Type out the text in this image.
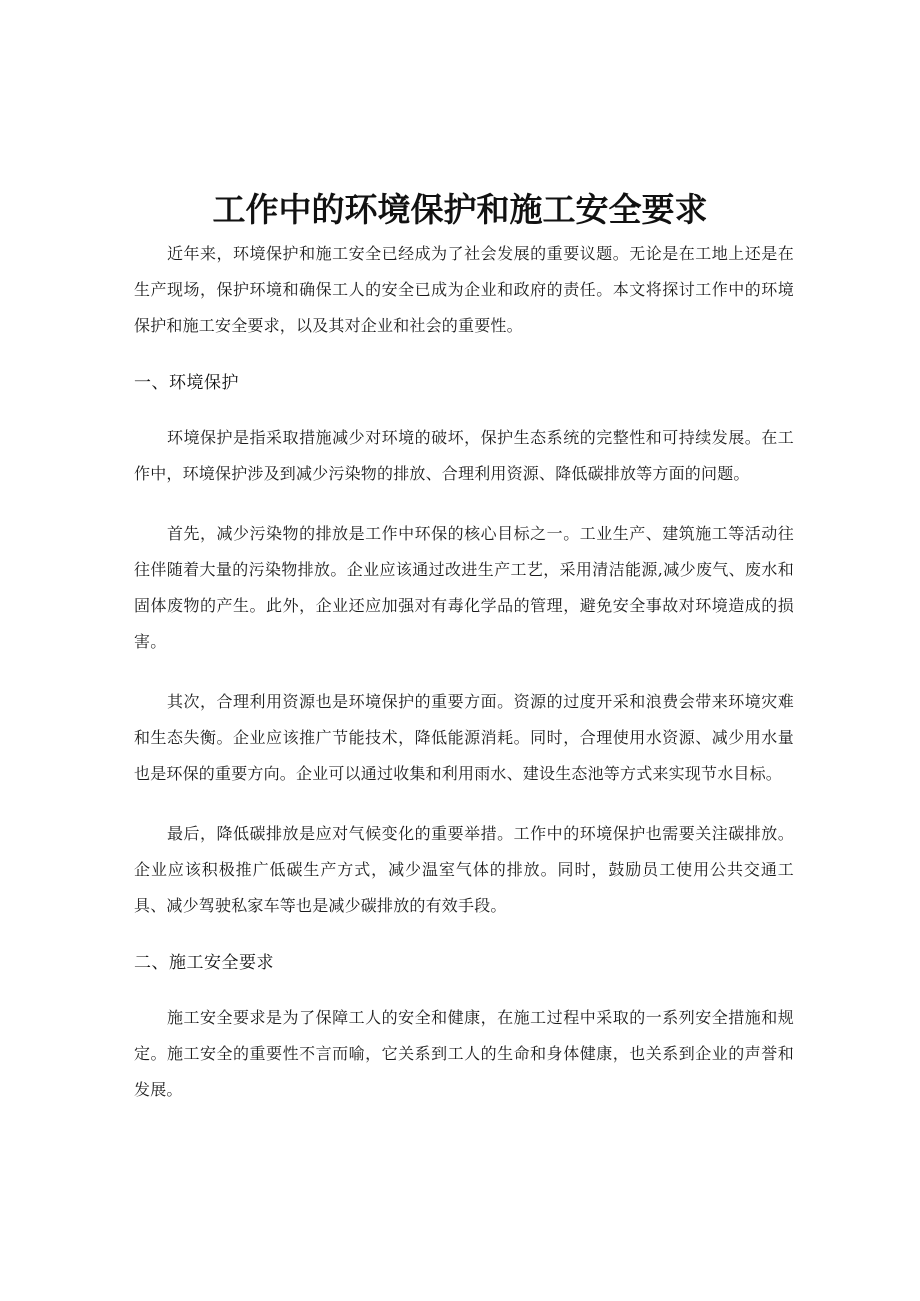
工作中的环境保护和施工安全要求

近年来，环境保护和施工安全已经成为了社会发展的重要议题。无论是在工地上还是在生产现场，保护环境和确保工人的安全已成为企业和政府的责任。本文将探讨工作中的环境保护和施工安全要求，以及其对企业和社会的重要性。

一、环境保护

环境保护是指采取措施减少对环境的破坏，保护生态系统的完整性和可持续发展。在工作中，环境保护涉及到减少污染物的排放、合理利用资源、降低碳排放等方面的问题。

首先，减少污染物的排放是工作中环保的核心目标之一。工业生产、建筑施工等活动往往伴随着大量的污染物排放。企业应该通过改进生产工艺，采用清洁能源,减少废气、废水和固体废物的产生。此外，企业还应加强对有毒化学品的管理，避免安全事故对环境造成的损害。

其次，合理利用资源也是环境保护的重要方面。资源的过度开采和浪费会带来环境灾难和生态失衡。企业应该推广节能技术，降低能源消耗。同时，合理使用水资源、减少用水量也是环保的重要方向。企业可以通过收集和利用雨水、建设生态池等方式来实现节水目标。

最后，降低碳排放是应对气候变化的重要举措。工作中的环境保护也需要关注碳排放。企业应该积极推广低碳生产方式，减少温室气体的排放。同时，鼓励员工使用公共交通工具、减少驾驶私家车等也是减少碳排放的有效手段。

二、施工安全要求

施工安全要求是为了保障工人的安全和健康，在施工过程中采取的一系列安全措施和规定。施工安全的重要性不言而喻，它关系到工人的生命和身体健康，也关系到企业的声誉和发展。
